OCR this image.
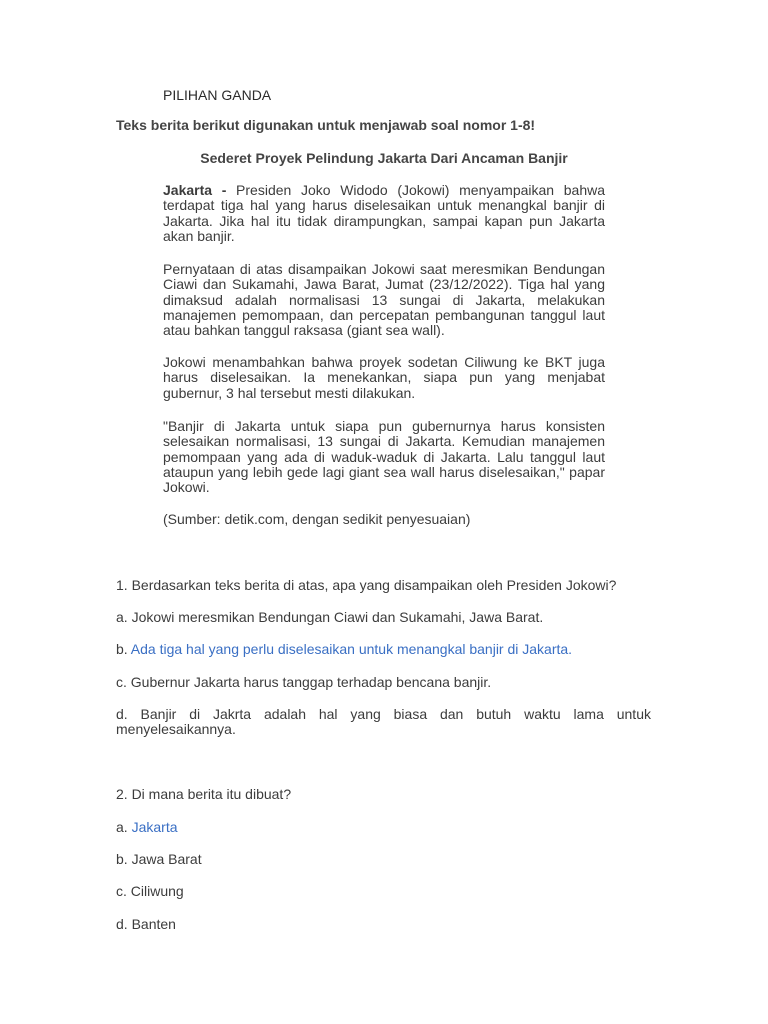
PILIHAN GANDA

Teks berita berikut digunakan untuk menjawab soal nomor 1-8!

Sederet Proyek Pelindung Jakarta Dari Ancaman Banjir

Jakarta - Presiden Joko Widodo (Jokowi) menyampaikan bahwa terdapat tiga hal yang harus diselesaikan untuk menangkal banjir di Jakarta. Jika hal itu tidak dirampungkan, sampai kapan pun Jakarta akan banjir.

Pernyataan di atas disampaikan Jokowi saat meresmikan Bendungan Ciawi dan Sukamahi, Jawa Barat, Jumat (23/12/2022). Tiga hal yang dimaksud adalah normalisasi 13 sungai di Jakarta, melakukan manajemen pemompaan, dan percepatan pembangunan tanggul laut atau bahkan tanggul raksasa (giant sea wall).

Jokowi menambahkan bahwa proyek sodetan Ciliwung ke BKT juga harus diselesaikan. Ia menekankan, siapa pun yang menjabat gubernur, 3 hal tersebut mesti dilakukan.

"Banjir di Jakarta untuk siapa pun gubernurnya harus konsisten selesaikan normalisasi, 13 sungai di Jakarta. Kemudian manajemen pemompaan yang ada di waduk-waduk di Jakarta. Lalu tanggul laut ataupun yang lebih gede lagi giant sea wall harus diselesaikan," papar Jokowi.

(Sumber: detik.com, dengan sedikit penyesuaian)

1. Berdasarkan teks berita di atas, apa yang disampaikan oleh Presiden Jokowi?

a. Jokowi meresmikan Bendungan Ciawi dan Sukamahi, Jawa Barat.

b. Ada tiga hal yang perlu diselesaikan untuk menangkal banjir di Jakarta.

c. Gubernur Jakarta harus tanggap terhadap bencana banjir.

d. Banjir di Jakrta adalah hal yang biasa dan butuh waktu lama untuk menyelesaikannya.

2. Di mana berita itu dibuat?

a. Jakarta

b. Jawa Barat

c. Ciliwung

d. Banten
